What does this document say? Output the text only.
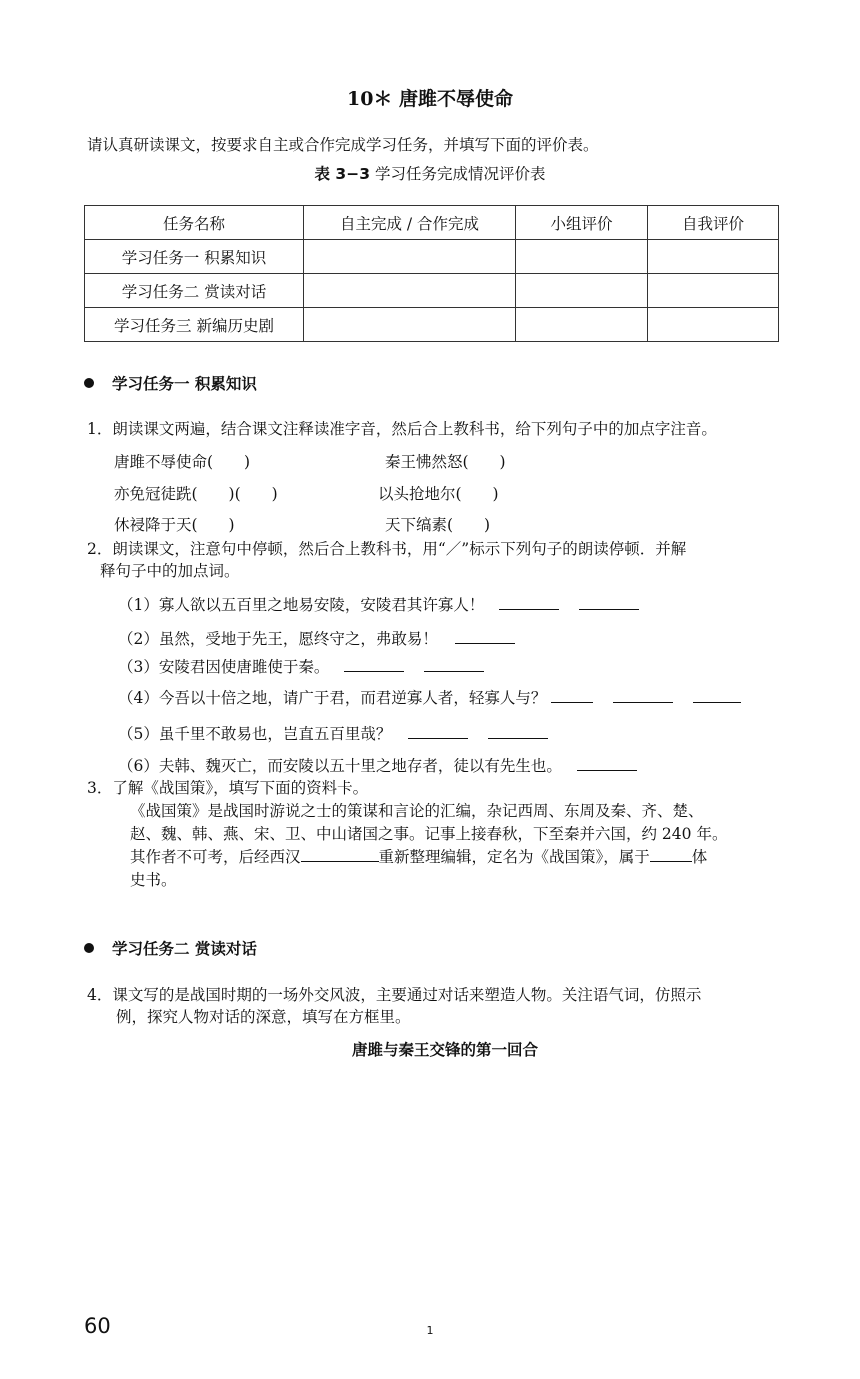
10＊ 唐雎不辱使命
请认真研读课文，按要求自主或合作完成学习任务，并填写下面的评价表。
表 3−3 学习任务完成情况评价表
任务名称	自主完成 / 合作完成	小组评价	自我评价
学习任务一 积累知识			
学习任务二 赏读对话			
学习任务三 新编历史剧			
学习任务一 积累知识
1．朗读课文两遍，结合课文注释读准字音，然后合上教科书，给下列句子中的加点字注音。
唐雎不辱使命(　　)	秦王怫然怒(　　)
亦免冠徒跣(　　)(　　)	以头抢地尔(　　)
休祲降于天(　　)	天下缟素(　　)
2．朗读课文，注意句中停顿，然后合上教科书，用“／”标示下列句子的朗读停顿．并解
释句子中的加点词。
（1）寡人欲以五百里之地易安陵，安陵君其许寡人！
（2）虽然，受地于先王，愿终守之，弗敢易！
（3）安陵君因使唐雎使于秦。
（4）今吾以十倍之地，请广于君，而君逆寡人者，轻寡人与？
（5）虽千里不敢易也，岂直五百里哉？
（6）夫韩、魏灭亡，而安陵以五十里之地存者，徒以有先生也。
3．了解《战国策》，填写下面的资料卡。
《战国策》是战国时游说之士的策谋和言论的汇编，杂记西周、东周及秦、齐、楚、
赵、魏、韩、燕、宋、卫、中山诸国之事。记事上接春秋，下至秦并六国，约 240 年。
其作者不可考，后经西汉	重新整理编辑，定名为《战国策》，属于	体
史书。
学习任务二 赏读对话
4．课文写的是战国时期的一场外交风波，主要通过对话来塑造人物。关注语气词，仿照示
例，探究人物对话的深意，填写在方框里。
唐雎与秦王交锋的第一回合
60	1
